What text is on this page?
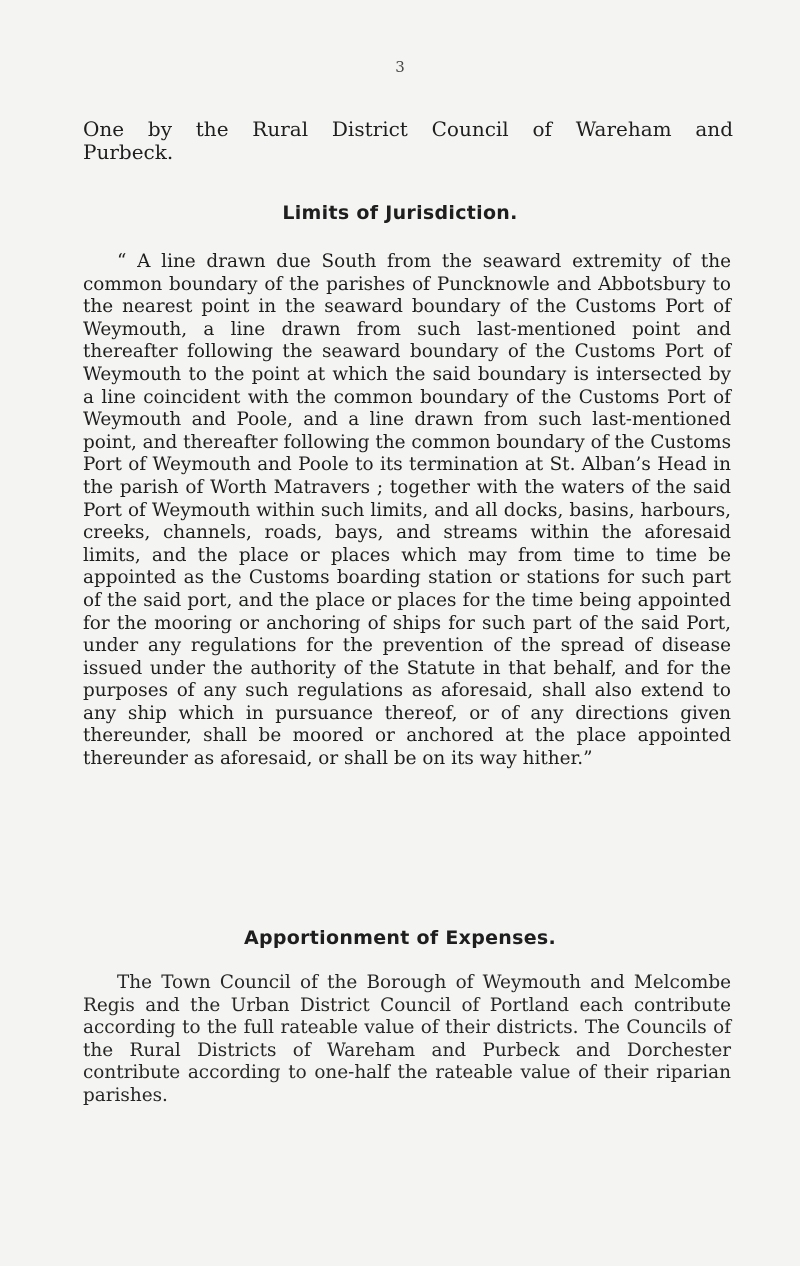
3
One by the Rural District Council of Wareham and
Purbeck.
Limits of Jurisdiction.
“ A line drawn due South from the seaward extremity of the common boundary of the parishes of Puncknowle and Abbotsbury to the nearest point in the seaward boundary of the Customs Port of Weymouth, a line drawn from such last-mentioned point and thereafter following the seaward boundary of the Customs Port of Weymouth to the point at which the said boundary is intersected by a line coincident with the common boundary of the Customs Port of Weymouth and Poole, and a line drawn from such last-mentioned point, and thereafter following the common boundary of the Customs Port of Weymouth and Poole to its termination at St. Alban’s Head in the parish of Worth Matravers ; together with the waters of the said Port of Weymouth within such limits, and all docks, basins, harbours, creeks, channels, roads, bays, and streams within the aforesaid limits, and the place or places which may from time to time be appointed as the Customs boarding station or stations for such part of the said port, and the place or places for the time being appointed for the mooring or anchoring of ships for such part of the said Port, under any regulations for the prevention of the spread of disease issued under the authority of the Statute in that behalf, and for the purposes of any such regulations as aforesaid, shall also extend to any ship which in pursuance thereof, or of any directions given thereunder, shall be moored or anchored at the place appointed thereunder as aforesaid, or shall be on its way hither.”
Apportionment of Expenses.
The Town Council of the Borough of Weymouth and Melcombe Regis and the Urban District Council of Portland each contribute according to the full rateable value of their districts. The Councils of the Rural Districts of Wareham and Purbeck and Dorchester contribute according to one-half the rateable value of their riparian parishes.
